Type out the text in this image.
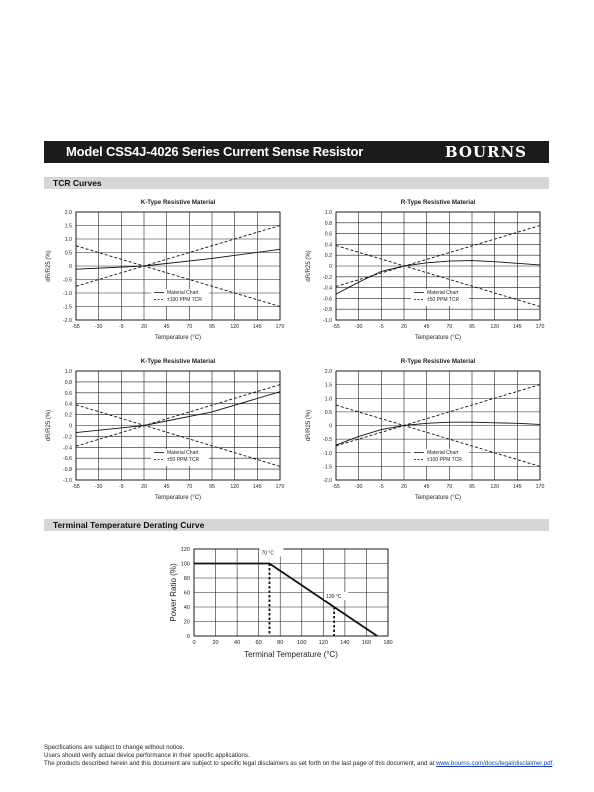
Model CSS4J-4026 Series Current Sense Resistor	BOURNS
TCR Curves
Terminal Temperature Derating Curve
K-Type Resistive Material
-55	-30	-5	20	45	70	95	120	145	170
2.0
1.5
1.0
0.5
0
-0.5
-1.0
-1.5
-2.0
Temperature (°C)
dR/R25 (%)
Material Chart
±100 PPM TCR
R-Type Resistive Material
-55	-30	-5	20	45	70	95	120	145	170
1.0
0.8
0.6
0.4
0.2
0
-0.2
-0.4
-0.6
-0.8
-1.0
Temperature (°C)
dR/R25 (%)
Material Chart
±50 PPM TCR
K-Type Resistive Material
-55	-30	-5	20	45	70	95	120	145	170
1.0
0.8
0.6
0.4
0.2
0
-0.2
-0.4
-0.6
-0.8
-1.0
Temperature (°C)
dR/R25 (%)
Material Chart
±50 PPM TCR
R-Type Resistive Material
-55	-30	-5	20	45	70	95	120	145	170
2.0
1.5
1.0
0.5
0
-0.5
-1.0
-1.5
-2.0
Temperature (°C)
dR/R25 (%)
Material Chart
±100 PPM TCR
0	20	40	60	80 100 120 140 160 180
120
100
80
60
40
20
0
Terminal Temperature (°C)
Power Ratio (%)
70 °C
130 °C
Specifications are subject to change without notice.
Users should verify actual device performance in their specific applications.
The products described herein and this document are subject to specific legal disclaimers as set forth on the last page of this document, and at www.bourns.com/docs/legal/disclaimer.pdf.
